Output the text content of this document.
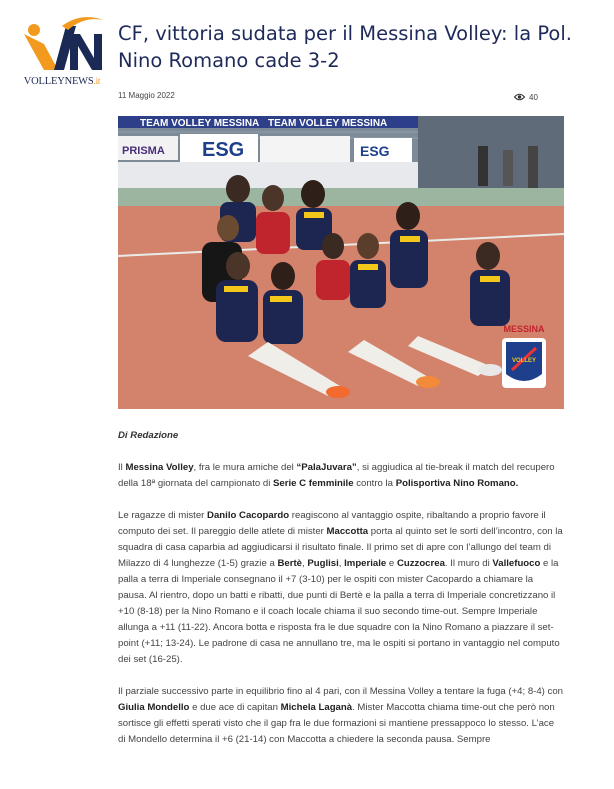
VOLLEYNEWS.it
CF, vittoria sudata per il Messina Volley: la Pol. Nino Romano cade 3-2
11 Maggio 2022	40
TEAM VOLLEY MESSINA TEAM VOLLEY MESSINA
PRISMA ESG	ESG
MESSINA
VOLLEY
Di Redazione

Il Messina Volley, fra le mura amiche del “PalaJuvara”, si aggiudica al tie-break il match del recupero della 18ª giornata del campionato di Serie C femminile contro la Polisportiva Nino Romano.

Le ragazze di mister Danilo Cacopardo reagiscono al vantaggio ospite, ribaltando a proprio favore il computo dei set. Il pareggio delle atlete di mister Maccotta porta al quinto set le sorti dell’incontro, con la squadra di casa caparbia ad aggiudicarsi il risultato finale. Il primo set di apre con l’allungo del team di Milazzo di 4 lunghezze (1-5) grazie a Bertè, Puglisi, Imperiale e Cuzzocrea. Il muro di Vallefuoco e la palla a terra di Imperiale consegnano il +7 (3-10) per le ospiti con mister Cacopardo a chiamare la pausa. Al rientro, dopo un batti e ribatti, due punti di Bertè e la palla a terra di Imperiale concretizzano il +10 (8-18) per la Nino Romano e il coach locale chiama il suo secondo time-out. Sempre Imperiale allunga a +11 (11-22). Ancora botta e risposta fra le due squadre con la Nino Romano a piazzare il set-point (+11; 13-24). Le padrone di casa ne annullano tre, ma le ospiti si portano in vantaggio nel computo dei set (16-25).

Il parziale successivo parte in equilibrio fino al 4 pari, con il Messina Volley a tentare la fuga (+4; 8-4) con Giulia Mondello e due ace di capitan Michela Laganà. Mister Maccotta chiama time-out che però non sortisce gli effetti sperati visto che il gap fra le due formazioni si mantiene pressappoco lo stesso. L’ace di Mondello determina il +6 (21-14) con Maccotta a chiedere la seconda pausa. Sempre
